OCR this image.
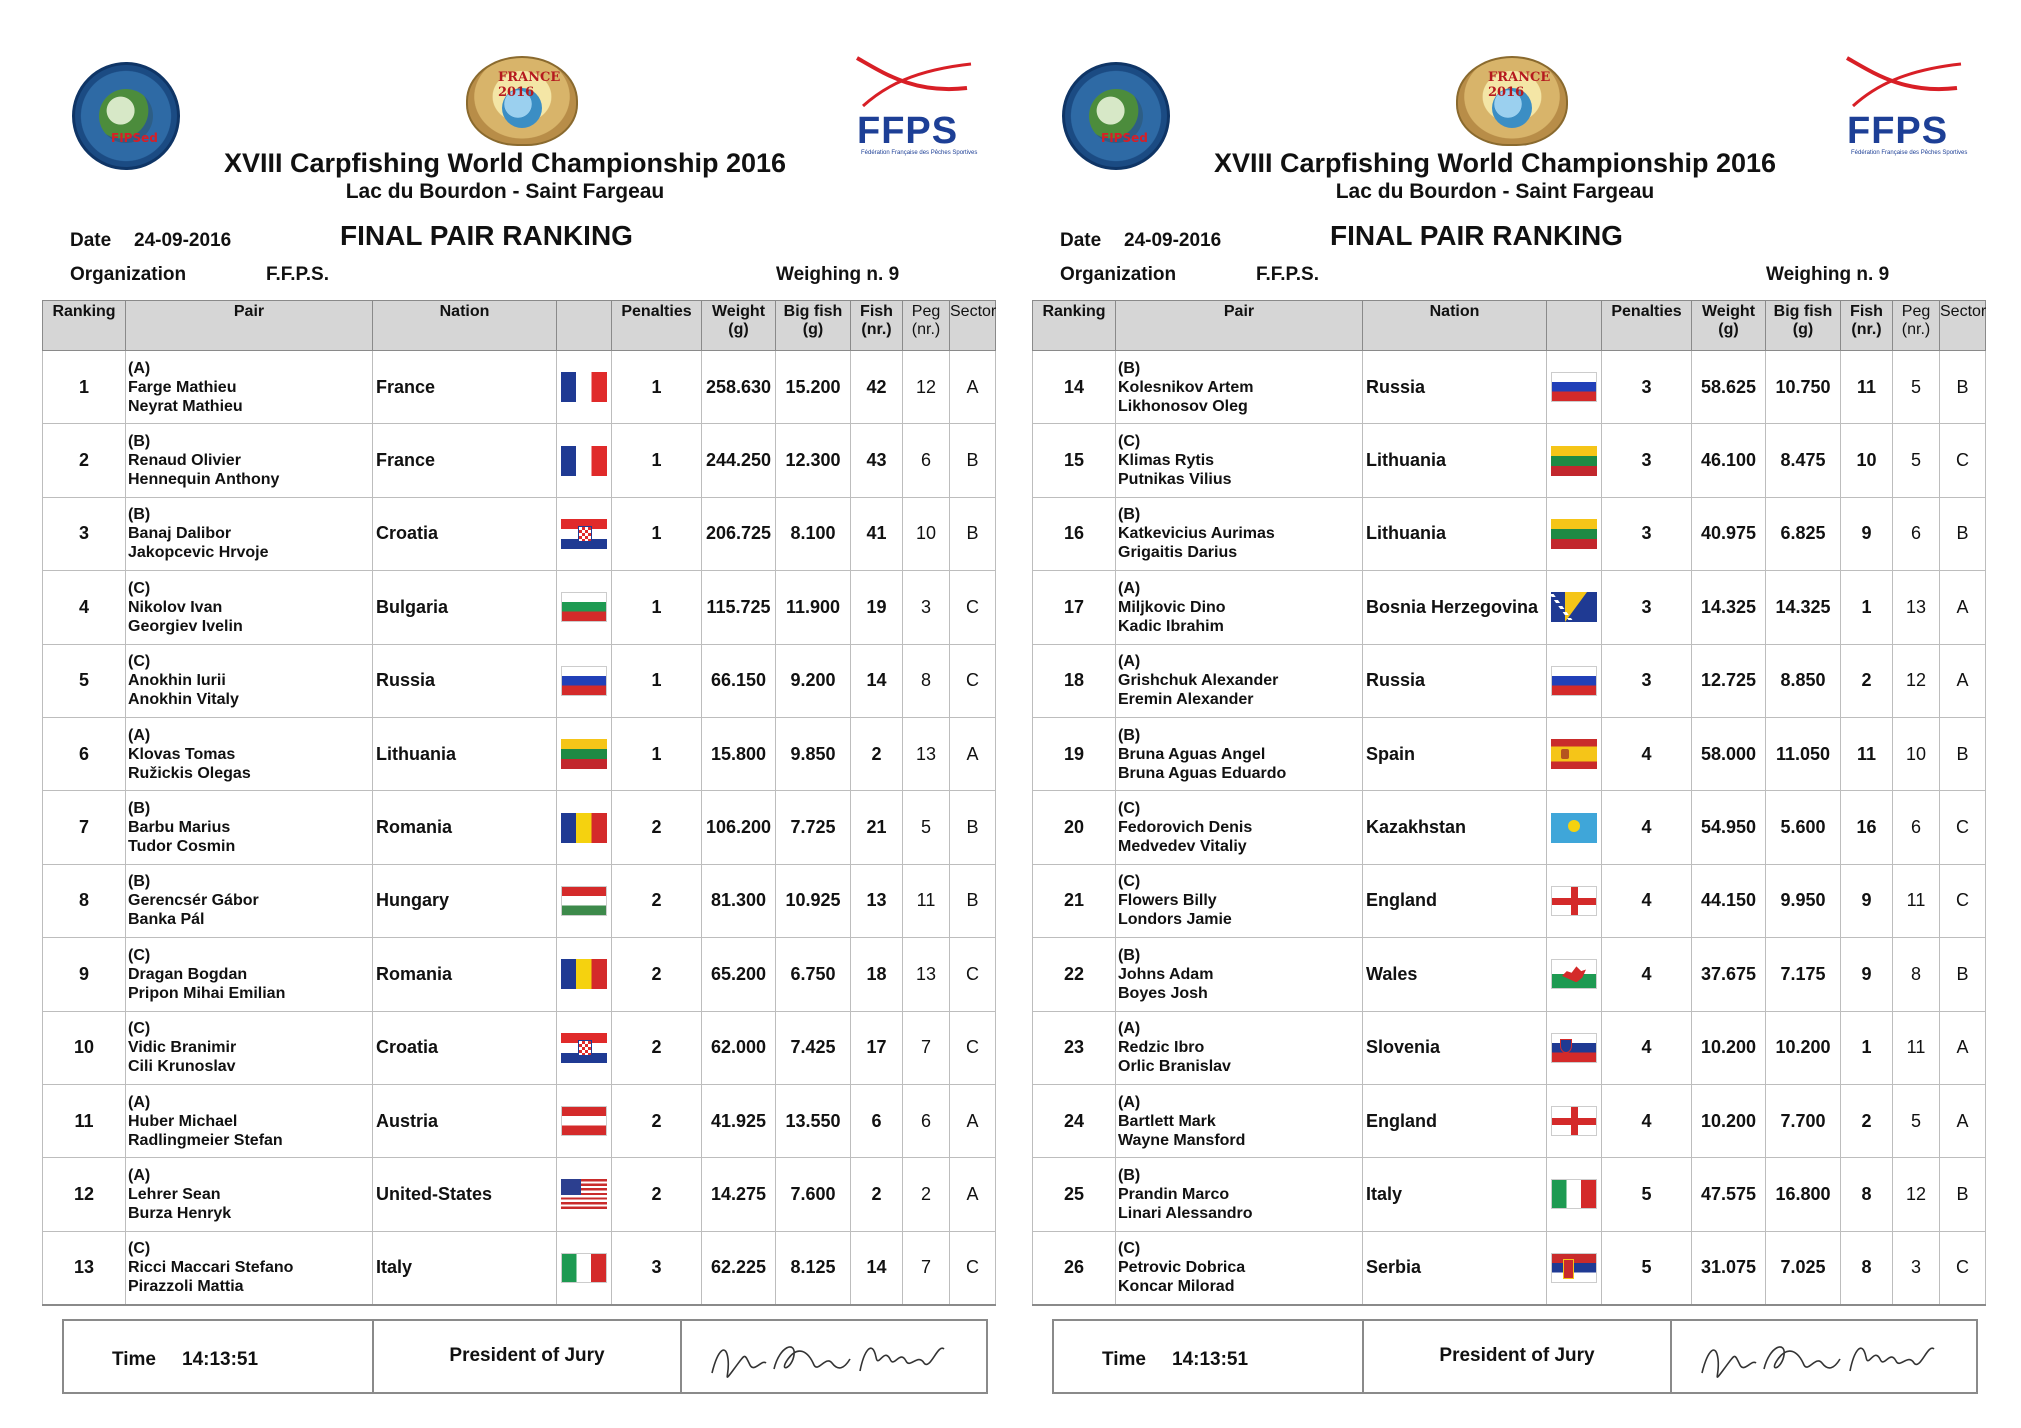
FIPSed
FRANCE 2016
FFPS
Fédération Française des Pêches Sportives
XVIII Carpfishing World Championship 2016
Lac du Bourdon - Saint Fargeau
Date 24-09-2016	FINAL PAIR RANKING
Organization	F.F.P.S.	Weighing n. 9
Ranking	Pair	Nation		Penalties	Weight
(g)	Big fish
(g)	Fish
(nr.)	Peg
(nr.)	Sector
1	(A)
Farge Mathieu
Neyrat Mathieu	France		1	258.630	15.200	42	12	A
2	(B)
Renaud Olivier
Hennequin Anthony	France		1	244.250	12.300	43	6	B
3	(B)
Banaj Dalibor
Jakopcevic Hrvoje	Croatia		1	206.725	8.100	41	10	B
4	(C)
Nikolov Ivan
Georgiev Ivelin	Bulgaria		1	115.725	11.900	19	3	C
5	(C)
Anokhin Iurii
Anokhin Vitaly	Russia		1	66.150	9.200	14	8	C
6	(A)
Klovas Tomas
Ružickis Olegas	Lithuania		1	15.800	9.850	2	13	A
7	(B)
Barbu Marius
Tudor Cosmin	Romania		2	106.200	7.725	21	5	B
8	(B)
Gerencsér Gábor
Banka Pál	Hungary		2	81.300	10.925	13	11	B
9	(C)
Dragan Bogdan
Pripon Mihai Emilian	Romania		2	65.200	6.750	18	13	C
10	(C)
Vidic Branimir
Cili Krunoslav	Croatia		2	62.000	7.425	17	7	C
11	(A)
Huber Michael
Radlingmeier Stefan	Austria		2	41.925	13.550	6	6	A
12	(A)
Lehrer Sean
Burza Henryk	United-States		2	14.275	7.600	2	2	A
13	(C)
Ricci Maccari Stefano
Pirazzoli Mattia	Italy		3	62.225	8.125	14	7	C
Time 14:13:51	President of Jury
FIPSed
FRANCE 2016
FFPS
Fédération Française des Pêches Sportives
XVIII Carpfishing World Championship 2016
Lac du Bourdon - Saint Fargeau
Date 24-09-2016	FINAL PAIR RANKING
Organization	F.F.P.S.	Weighing n. 9
Ranking	Pair	Nation		Penalties	Weight
(g)	Big fish
(g)	Fish
(nr.)	Peg
(nr.)	Sector
14	(B)
Kolesnikov Artem
Likhonosov Oleg	Russia		3	58.625	10.750	11	5	B
15	(C)
Klimas Rytis
Putnikas Vilius	Lithuania		3	46.100	8.475	10	5	C
16	(B)
Katkevicius Aurimas
Grigaitis Darius	Lithuania		3	40.975	6.825	9	6	B
17	(A)
Miljkovic Dino
Kadic Ibrahim	Bosnia Herzegovina		3	14.325	14.325	1	13	A
18	(A)
Grishchuk Alexander
Eremin Alexander	Russia		3	12.725	8.850	2	12	A
19	(B)
Bruna Aguas Angel
Bruna Aguas Eduardo	Spain		4	58.000	11.050	11	10	B
20	(C)
Fedorovich Denis
Medvedev Vitaliy	Kazakhstan		4	54.950	5.600	16	6	C
21	(C)
Flowers Billy
Londors Jamie	England		4	44.150	9.950	9	11	C
22	(B)
Johns Adam
Boyes Josh	Wales		4	37.675	7.175	9	8	B
23	(A)
Redzic Ibro
Orlic Branislav	Slovenia		4	10.200	10.200	1	11	A
24	(A)
Bartlett Mark
Wayne Mansford	England		4	10.200	7.700	2	5	A
25	(B)
Prandin Marco
Linari Alessandro	Italy		5	47.575	16.800	8	12	B
26	(C)
Petrovic Dobrica
Koncar Milorad	Serbia		5	31.075	7.025	8	3	C
Time 14:13:51	President of Jury
